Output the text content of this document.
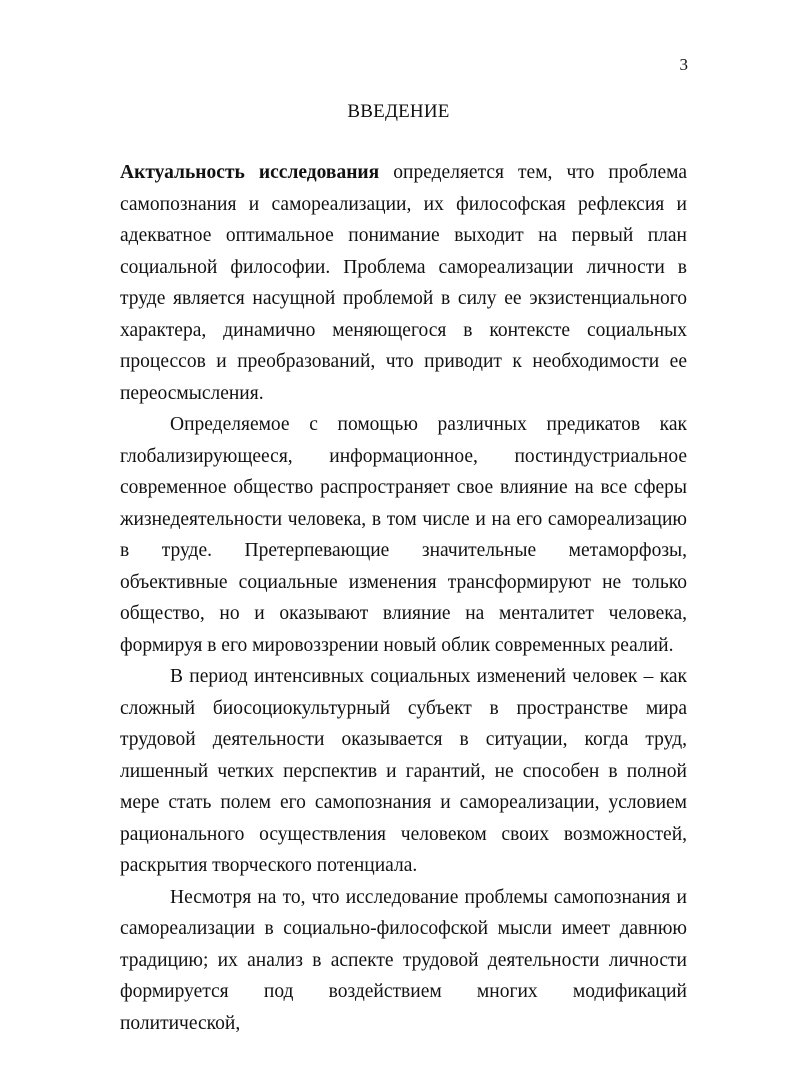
3
ВВЕДЕНИЕ

Актуальность исследования определяется тем, что проблема самопознания и самореализации, их философская рефлексия и адекватное оптимальное понимание выходит на первый план социальной философии. Проблема самореализации личности в труде является насущной проблемой в силу ее экзистенциального характера, динамично меняющегося в контексте социальных процессов и преобразований, что приводит к необходимости ее переосмысления.

Определяемое с помощью различных предикатов как глобализирующееся, информационное, постиндустриальное современное общество распространяет свое влияние на все сферы жизнедеятельности человека, в том числе и на его самореализацию в труде. Претерпевающие значительные метаморфозы, объективные социальные изменения трансформируют не только общество, но и оказывают влияние на менталитет человека, формируя в его мировоззрении новый облик современных реалий.

В период интенсивных социальных изменений человек – как сложный биосоциокультурный субъект в пространстве мира трудовой деятельности оказывается в ситуации, когда труд, лишенный четких перспектив и гарантий, не способен в полной мере стать полем его самопознания и самореализации, условием рационального осуществления человеком своих возможностей, раскрытия творческого потенциала.

Несмотря на то, что исследование проблемы самопознания и самореализации в социально-философской мысли имеет давнюю традицию; их анализ в аспекте трудовой деятельности личности формируется под воздействием многих модификаций политической,
